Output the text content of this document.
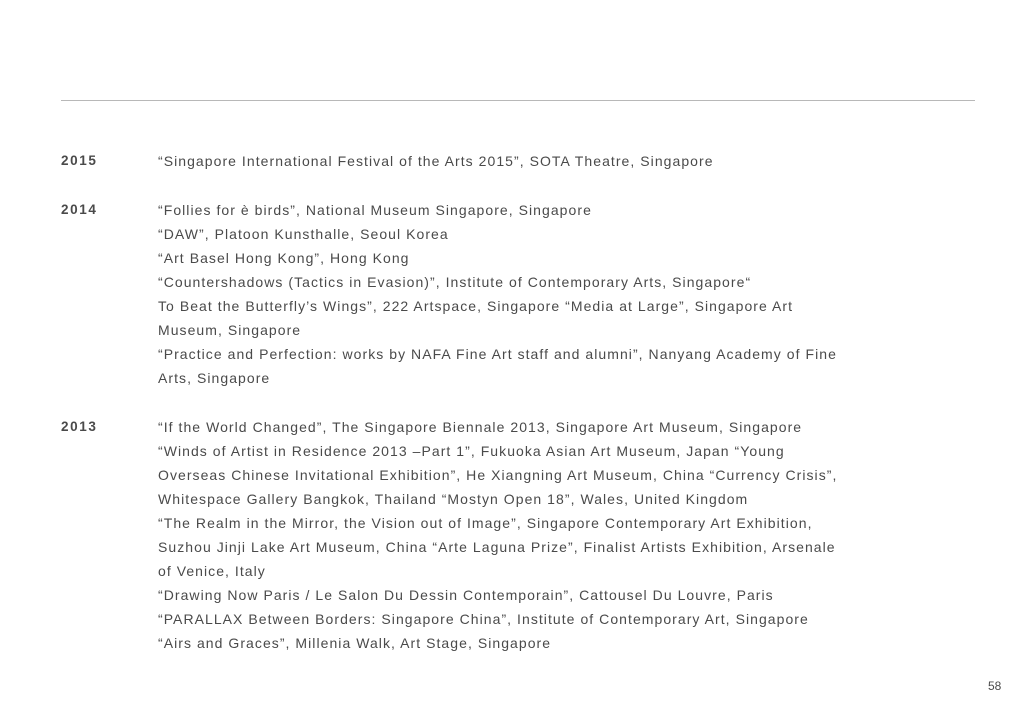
2015	“Singapore International Festival of the Arts 2015”, SOTA Theatre, Singapore
2014	“Follies for è birds”, National Museum Singapore, Singapore
“DAW”, Platoon Kunsthalle, Seoul Korea
“Art Basel Hong Kong”, Hong Kong
“Countershadows (Tactics in Evasion)”, Institute of Contemporary Arts, Singapore“
To Beat the Butterfly’s Wings”, 222 Artspace, Singapore “Media at Large”, Singapore Art
Museum, Singapore
“Practice and Perfection: works by NAFA Fine Art staff and alumni”, Nanyang Academy of Fine
Arts, Singapore
2013	“If the World Changed”, The Singapore Biennale 2013, Singapore Art Museum, Singapore
“Winds of Artist in Residence 2013 –Part 1”, Fukuoka Asian Art Museum, Japan “Young
Overseas Chinese Invitational Exhibition”, He Xiangning Art Museum, China “Currency Crisis”,
Whitespace Gallery Bangkok, Thailand “Mostyn Open 18”, Wales, United Kingdom
“The Realm in the Mirror, the Vision out of Image”, Singapore Contemporary Art Exhibition,
Suzhou Jinji Lake Art Museum, China “Arte Laguna Prize”, Finalist Artists Exhibition, Arsenale
of Venice, Italy
“Drawing Now Paris / Le Salon Du Dessin Contemporain”, Cattousel Du Louvre, Paris
“PARALLAX Between Borders: Singapore China”, Institute of Contemporary Art, Singapore
“Airs and Graces”, Millenia Walk, Art Stage, Singapore
58
